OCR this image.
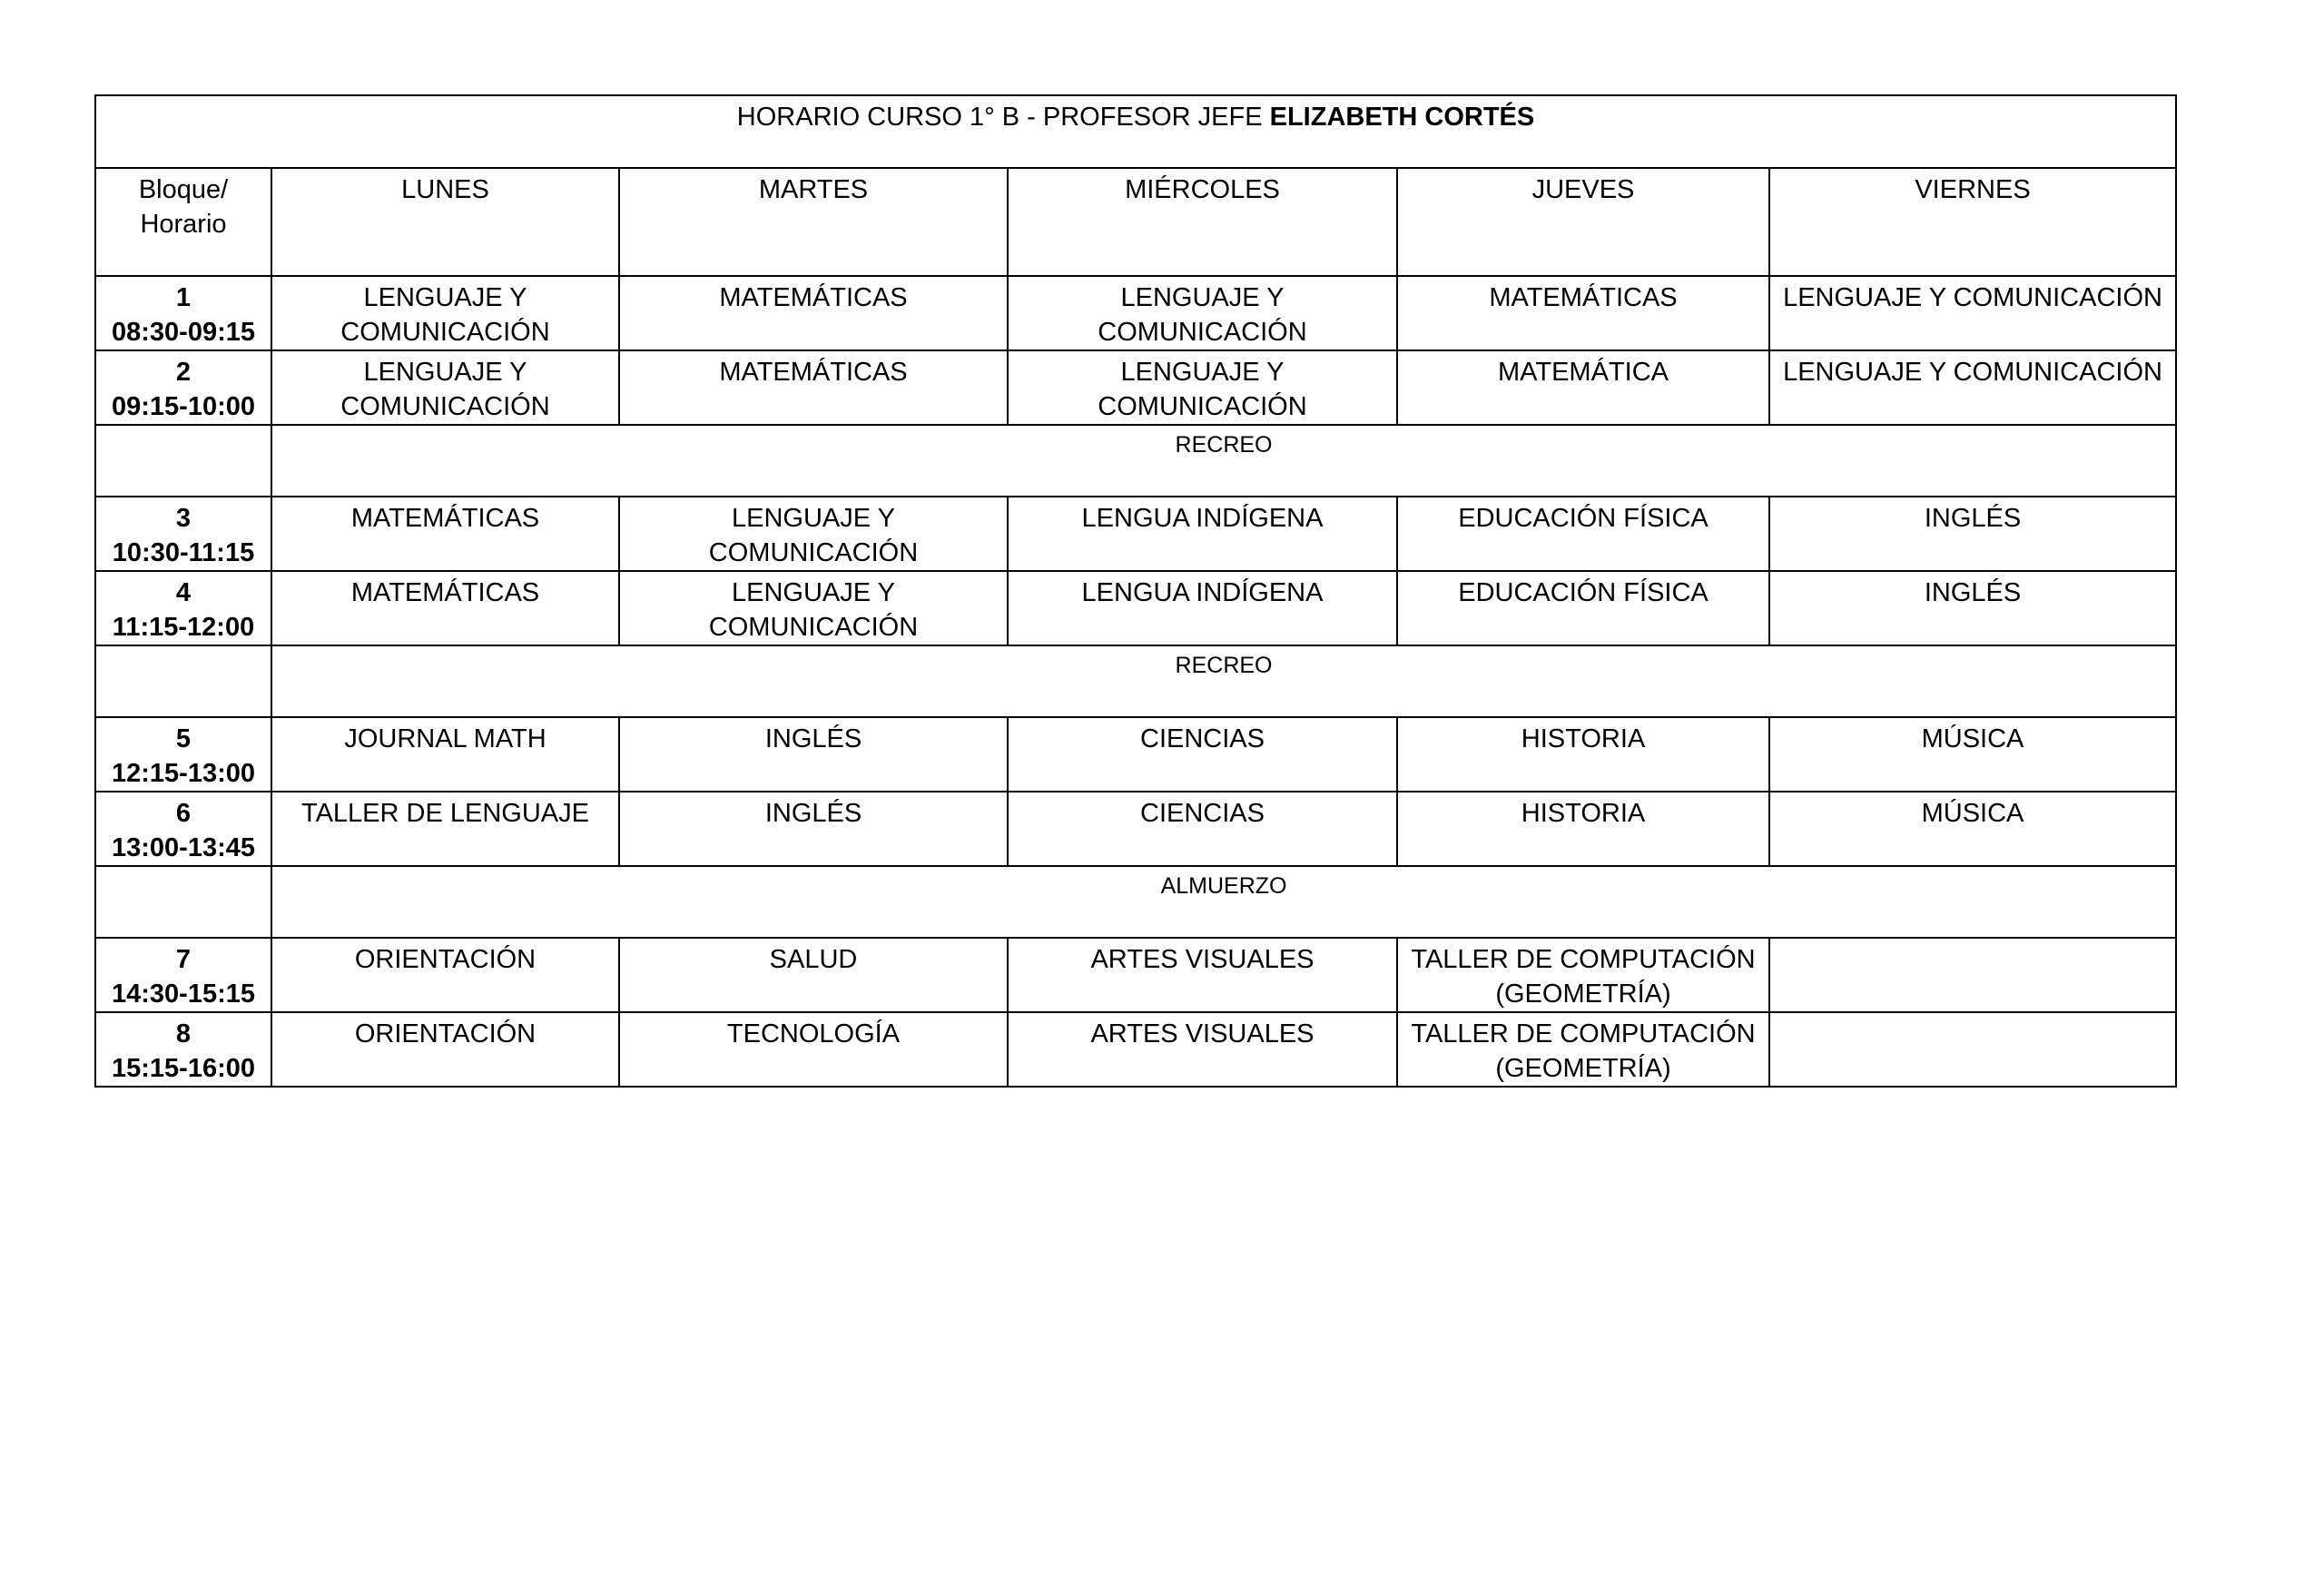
HORARIO CURSO 1° B - PROFESOR JEFE ELIZABETH CORTÉS					
Bloque/ Horario	LUNES	MARTES	MIÉRCOLES	JUEVES	VIERNES

1
08:30-09:15	LENGUAJE Y COMUNICACIÓN	MATEMÁTICAS	LENGUAJE Y COMUNICACIÓN	MATEMÁTICAS	LENGUAJE Y COMUNICACIÓN

2
09:15-10:00	LENGUAJE Y COMUNICACIÓN	MATEMÁTICAS	LENGUAJE Y COMUNICACIÓN	MATEMÁTICA	LENGUAJE Y COMUNICACIÓN
	RECREO				

3
10:30-11:15	MATEMÁTICAS	LENGUAJE Y COMUNICACIÓN	LENGUA INDÍGENA	EDUCACIÓN FÍSICA	INGLÉS

4
11:15-12:00	MATEMÁTICAS	LENGUAJE Y COMUNICACIÓN	LENGUA INDÍGENA	EDUCACIÓN FÍSICA	INGLÉS
	RECREO				

5
12:15-13:00	JOURNAL MATH	INGLÉS	CIENCIAS	HISTORIA	MÚSICA

6
13:00-13:45	TALLER DE LENGUAJE	INGLÉS	CIENCIAS	HISTORIA	MÚSICA
	ALMUERZO				

7
14:30-15:15	ORIENTACIÓN	SALUD	ARTES VISUALES	TALLER DE COMPUTACIÓN (GEOMETRÍA)	

8
15:15-16:00	ORIENTACIÓN	TECNOLOGÍA	ARTES VISUALES	TALLER DE COMPUTACIÓN (GEOMETRÍA)	
